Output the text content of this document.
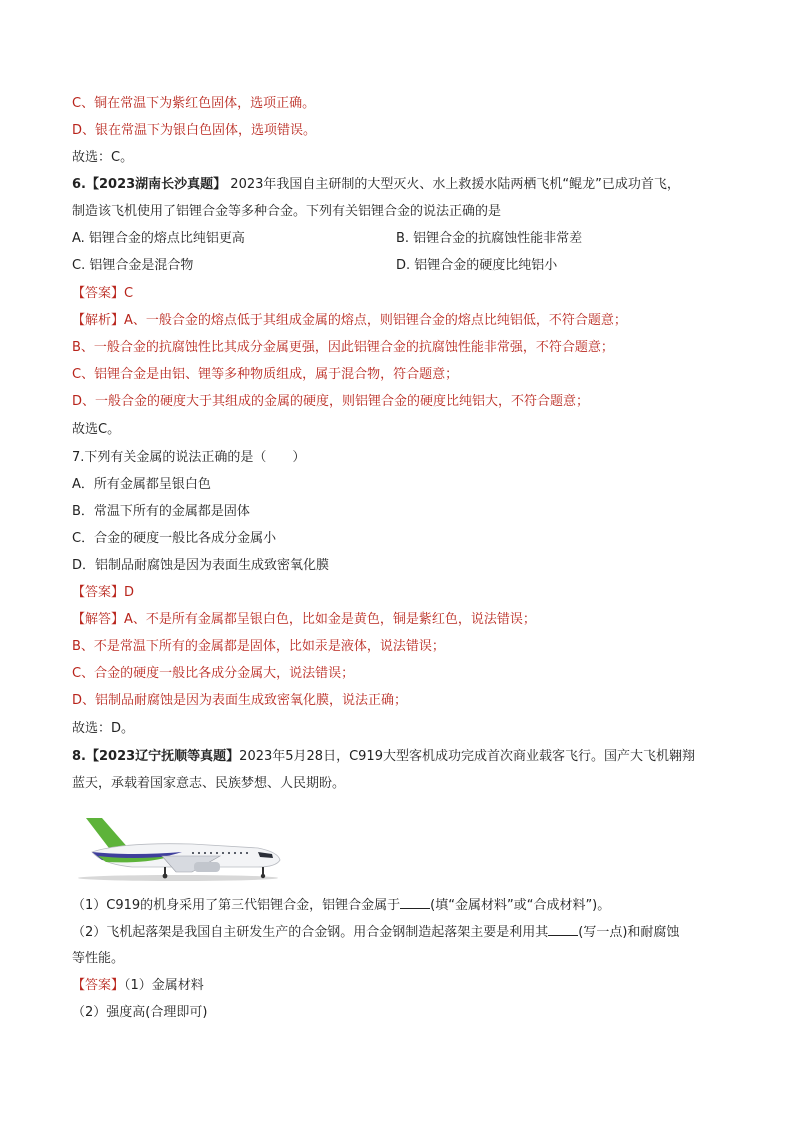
C、铜在常温下为紫红色固体，选项正确。
D、银在常温下为银白色固体，选项错误。
故选：C。
6.【2023湖南长沙真题】 2023年我国自主研制的大型灭火、水上救援水陆两栖飞机“鲲龙”已成功首飞，
制造该飞机使用了铝锂合金等多种合金。下列有关铝锂合金的说法正确的是
A. 铝锂合金的熔点比纯铝更高	B. 铝锂合金的抗腐蚀性能非常差
C. 铝锂合金是混合物	D. 铝锂合金的硬度比纯铝小
【答案】C
【解析】A、一般合金的熔点低于其组成金属的熔点，则铝锂合金的熔点比纯铝低，不符合题意；
B、一般合金的抗腐蚀性比其成分金属更强，因此铝锂合金的抗腐蚀性能非常强，不符合题意；
C、铝锂合金是由铝、锂等多种物质组成，属于混合物，符合题意；
D、一般合金的硬度大于其组成的金属的硬度，则铝锂合金的硬度比纯铝大，不符合题意；
故选C。
7.下列有关金属的说法正确的是（　　）
A．所有金属都呈银白色
B．常温下所有的金属都是固体
C．合金的硬度一般比各成分金属小
D．铝制品耐腐蚀是因为表面生成致密氧化膜
【答案】D
【解答】A、不是所有金属都呈银白色，比如金是黄色，铜是紫红色，说法错误；
B、不是常温下所有的金属都是固体，比如汞是液体，说法错误；
C、合金的硬度一般比各成分金属大，说法错误；
D、铝制品耐腐蚀是因为表面生成致密氧化膜，说法正确；
故选：D。
8.【2023辽宁抚顺等真题】2023年5月28日，C919大型客机成功完成首次商业载客飞行。国产大飞机翱翔
蓝天，承载着国家意志、民族梦想、人民期盼。
（1）C919的机身采用了第三代铝锂合金，铝锂合金属于 (填“金属材料”或“合成材料”)。
（2）飞机起落架是我国自主研发生产的合金钢。用合金钢制造起落架主要是利用其 (写一点)和耐腐蚀
等性能。
【答案】（1）金属材料
（2）强度高(合理即可)
